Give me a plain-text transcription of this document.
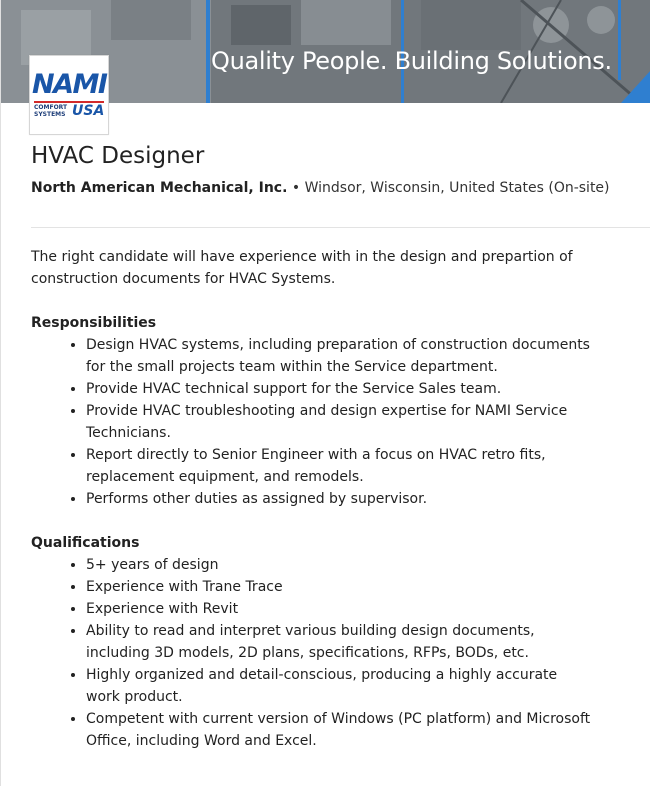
Quality People. Building Solutions.
NAMI
COMFORT
SYSTEMS USA
HVAC Designer
North American Mechanical, Inc. • Windsor, Wisconsin, United States (On-site)

The right candidate will have experience with in the design and prepartion of construction documents for HVAC Systems.

Responsibilities

• Design HVAC systems, including preparation of construction documents for the small projects team within the Service department.
• Provide HVAC technical support for the Service Sales team.
• Provide HVAC troubleshooting and design expertise for NAMI Service Technicians.
• Report directly to Senior Engineer with a focus on HVAC retro fits, replacement equipment, and remodels.
• Performs other duties as assigned by supervisor.

Qualifications

• 5+ years of design
• Experience with Trane Trace
• Experience with Revit
• Ability to read and interpret various building design documents, including 3D models, 2D plans, specifications, RFPs, BODs, etc.
• Highly organized and detail-conscious, producing a highly accurate work product.
• Competent with current version of Windows (PC platform) and Microsoft Office, including Word and Excel.
